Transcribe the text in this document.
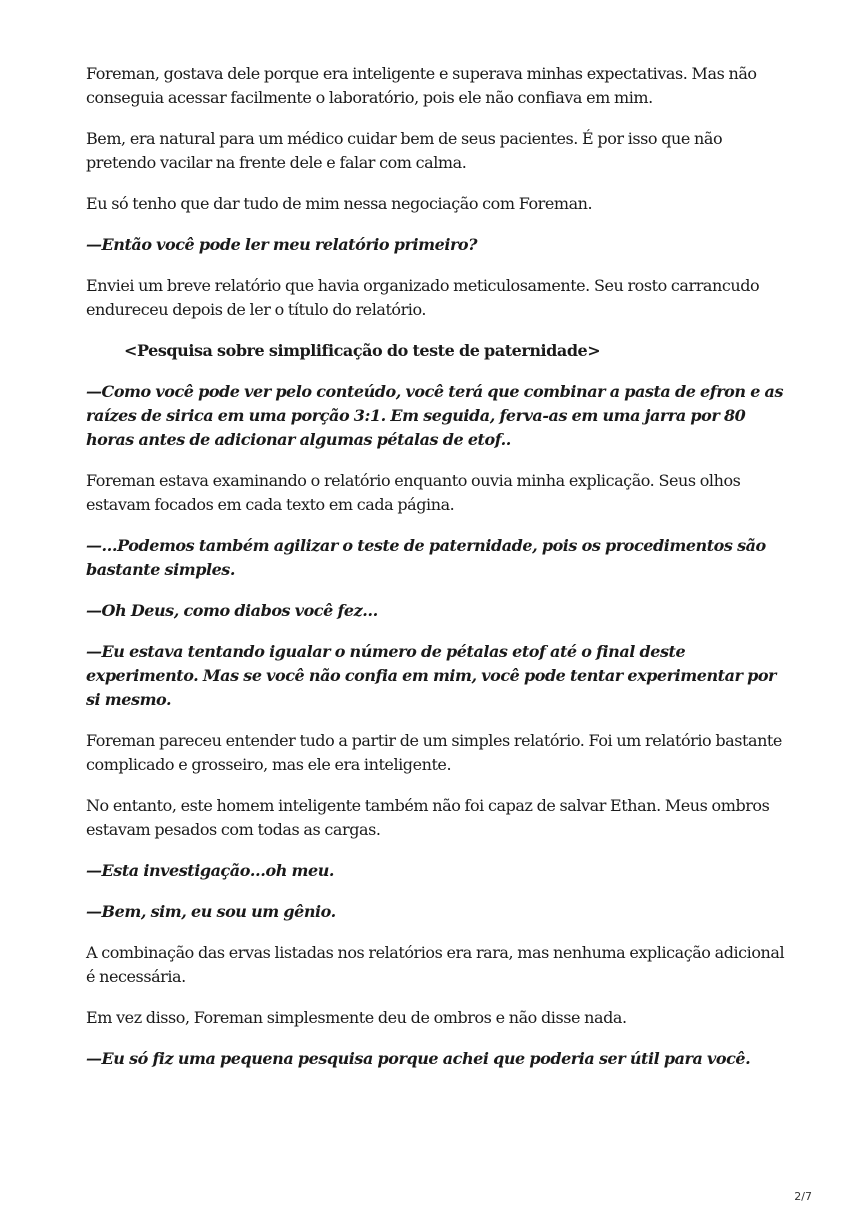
Foreman, gostava dele porque era inteligente e superava minhas expectativas. Mas não conseguia acessar facilmente o laboratório, pois ele não confiava em mim.

Bem, era natural para um médico cuidar bem de seus pacientes. É por isso que não pretendo vacilar na frente dele e falar com calma.

Eu só tenho que dar tudo de mim nessa negociação com Foreman.

—Então você pode ler meu relatório primeiro?

Enviei um breve relatório que havia organizado meticulosamente. Seu rosto carrancudo endureceu depois de ler o título do relatório.

<Pesquisa sobre simplificação do teste de paternidade>

—Como você pode ver pelo conteúdo, você terá que combinar a pasta de efron e as raízes de sirica em uma porção 3:1. Em seguida, ferva-as em uma jarra por 80 horas antes de adicionar algumas pétalas de etof..

Foreman estava examinando o relatório enquanto ouvia minha explicação. Seus olhos estavam focados em cada texto em cada página.

—…Podemos também agilizar o teste de paternidade, pois os procedimentos são bastante simples.

—Oh Deus, como diabos você fez…

—Eu estava tentando igualar o número de pétalas etof até o final deste experimento. Mas se você não confia em mim, você pode tentar experimentar por si mesmo.

Foreman pareceu entender tudo a partir de um simples relatório. Foi um relatório bastante complicado e grosseiro, mas ele era inteligente.

No entanto, este homem inteligente também não foi capaz de salvar Ethan. Meus ombros estavam pesados com todas as cargas.

—Esta investigação…oh meu.

—Bem, sim, eu sou um gênio.

A combinação das ervas listadas nos relatórios era rara, mas nenhuma explicação adicional é necessária.

Em vez disso, Foreman simplesmente deu de ombros e não disse nada.

—Eu só fiz uma pequena pesquisa porque achei que poderia ser útil para você.

2/7
